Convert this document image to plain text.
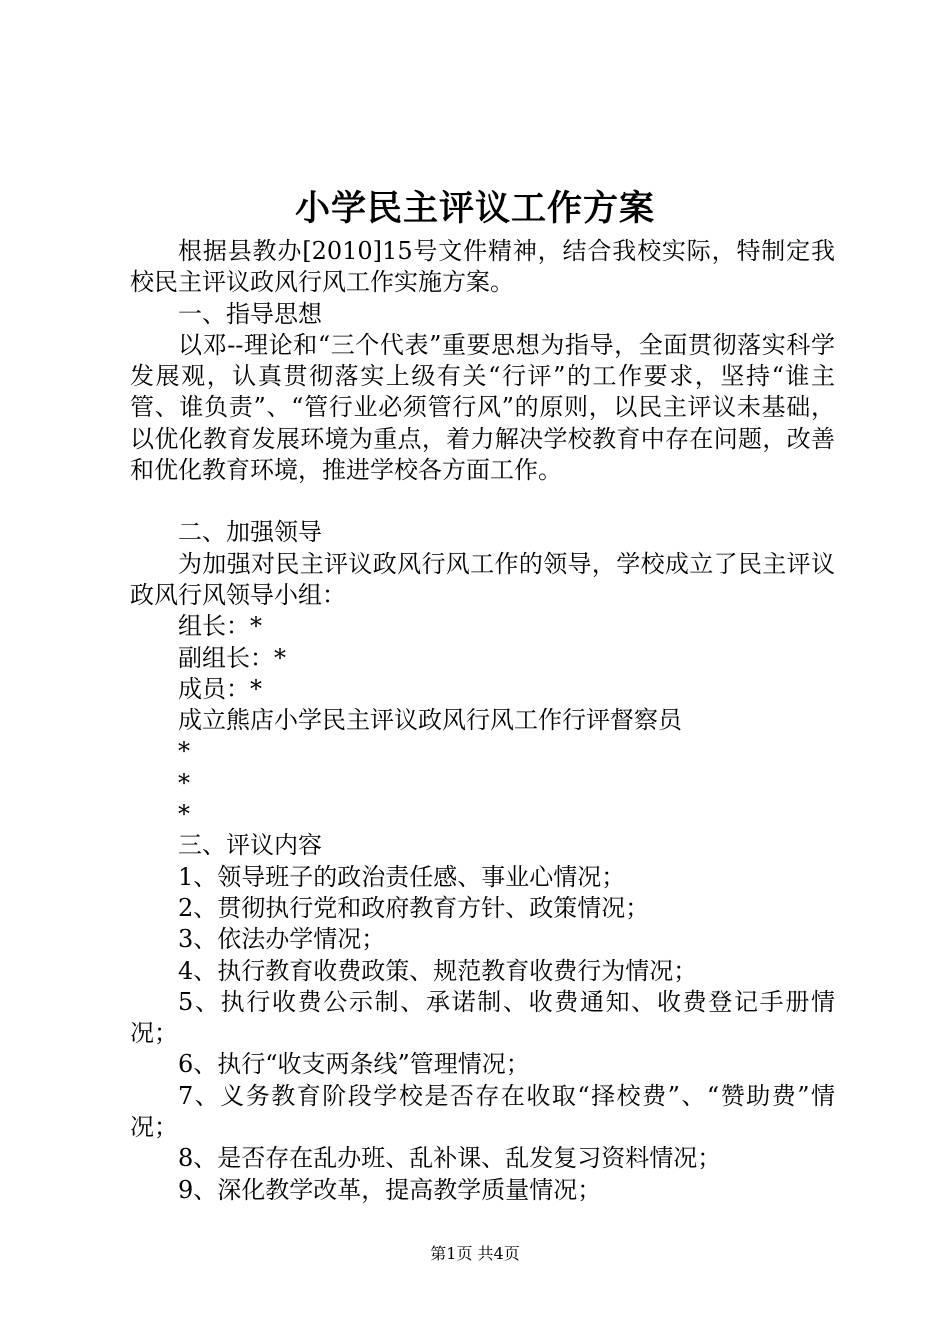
小学民主评议工作方案
根据县教办[2010]15号文件精神，结合我校实际，特制定我校民主评议政风行风工作实施方案。
一、指导思想
以邓--理论和“三个代表”重要思想为指导，全面贯彻落实科学发展观，认真贯彻落实上级有关“行评”的工作要求，坚持“谁主管、谁负责”、“管行业必须管行风”的原则，以民主评议未基础，以优化教育发展环境为重点，着力解决学校教育中存在问题，改善和优化教育环境，推进学校各方面工作。
二、加强领导
为加强对民主评议政风行风工作的领导，学校成立了民主评议政风行风领导小组：
组长：*
副组长：*
成员：*
成立熊店小学民主评议政风行风工作行评督察员
*
*
*
三、评议内容
1、领导班子的政治责任感、事业心情况；
2、贯彻执行党和政府教育方针、政策情况；
3、依法办学情况；
4、执行教育收费政策、规范教育收费行为情况；
5、执行收费公示制、承诺制、收费通知、收费登记手册情况；
6、执行“收支两条线”管理情况；
7、义务教育阶段学校是否存在收取“择校费”、“赞助费”情况；
8、是否存在乱办班、乱补课、乱发复习资料情况；
9、深化教学改革，提高教学质量情况；
第1页 共4页
